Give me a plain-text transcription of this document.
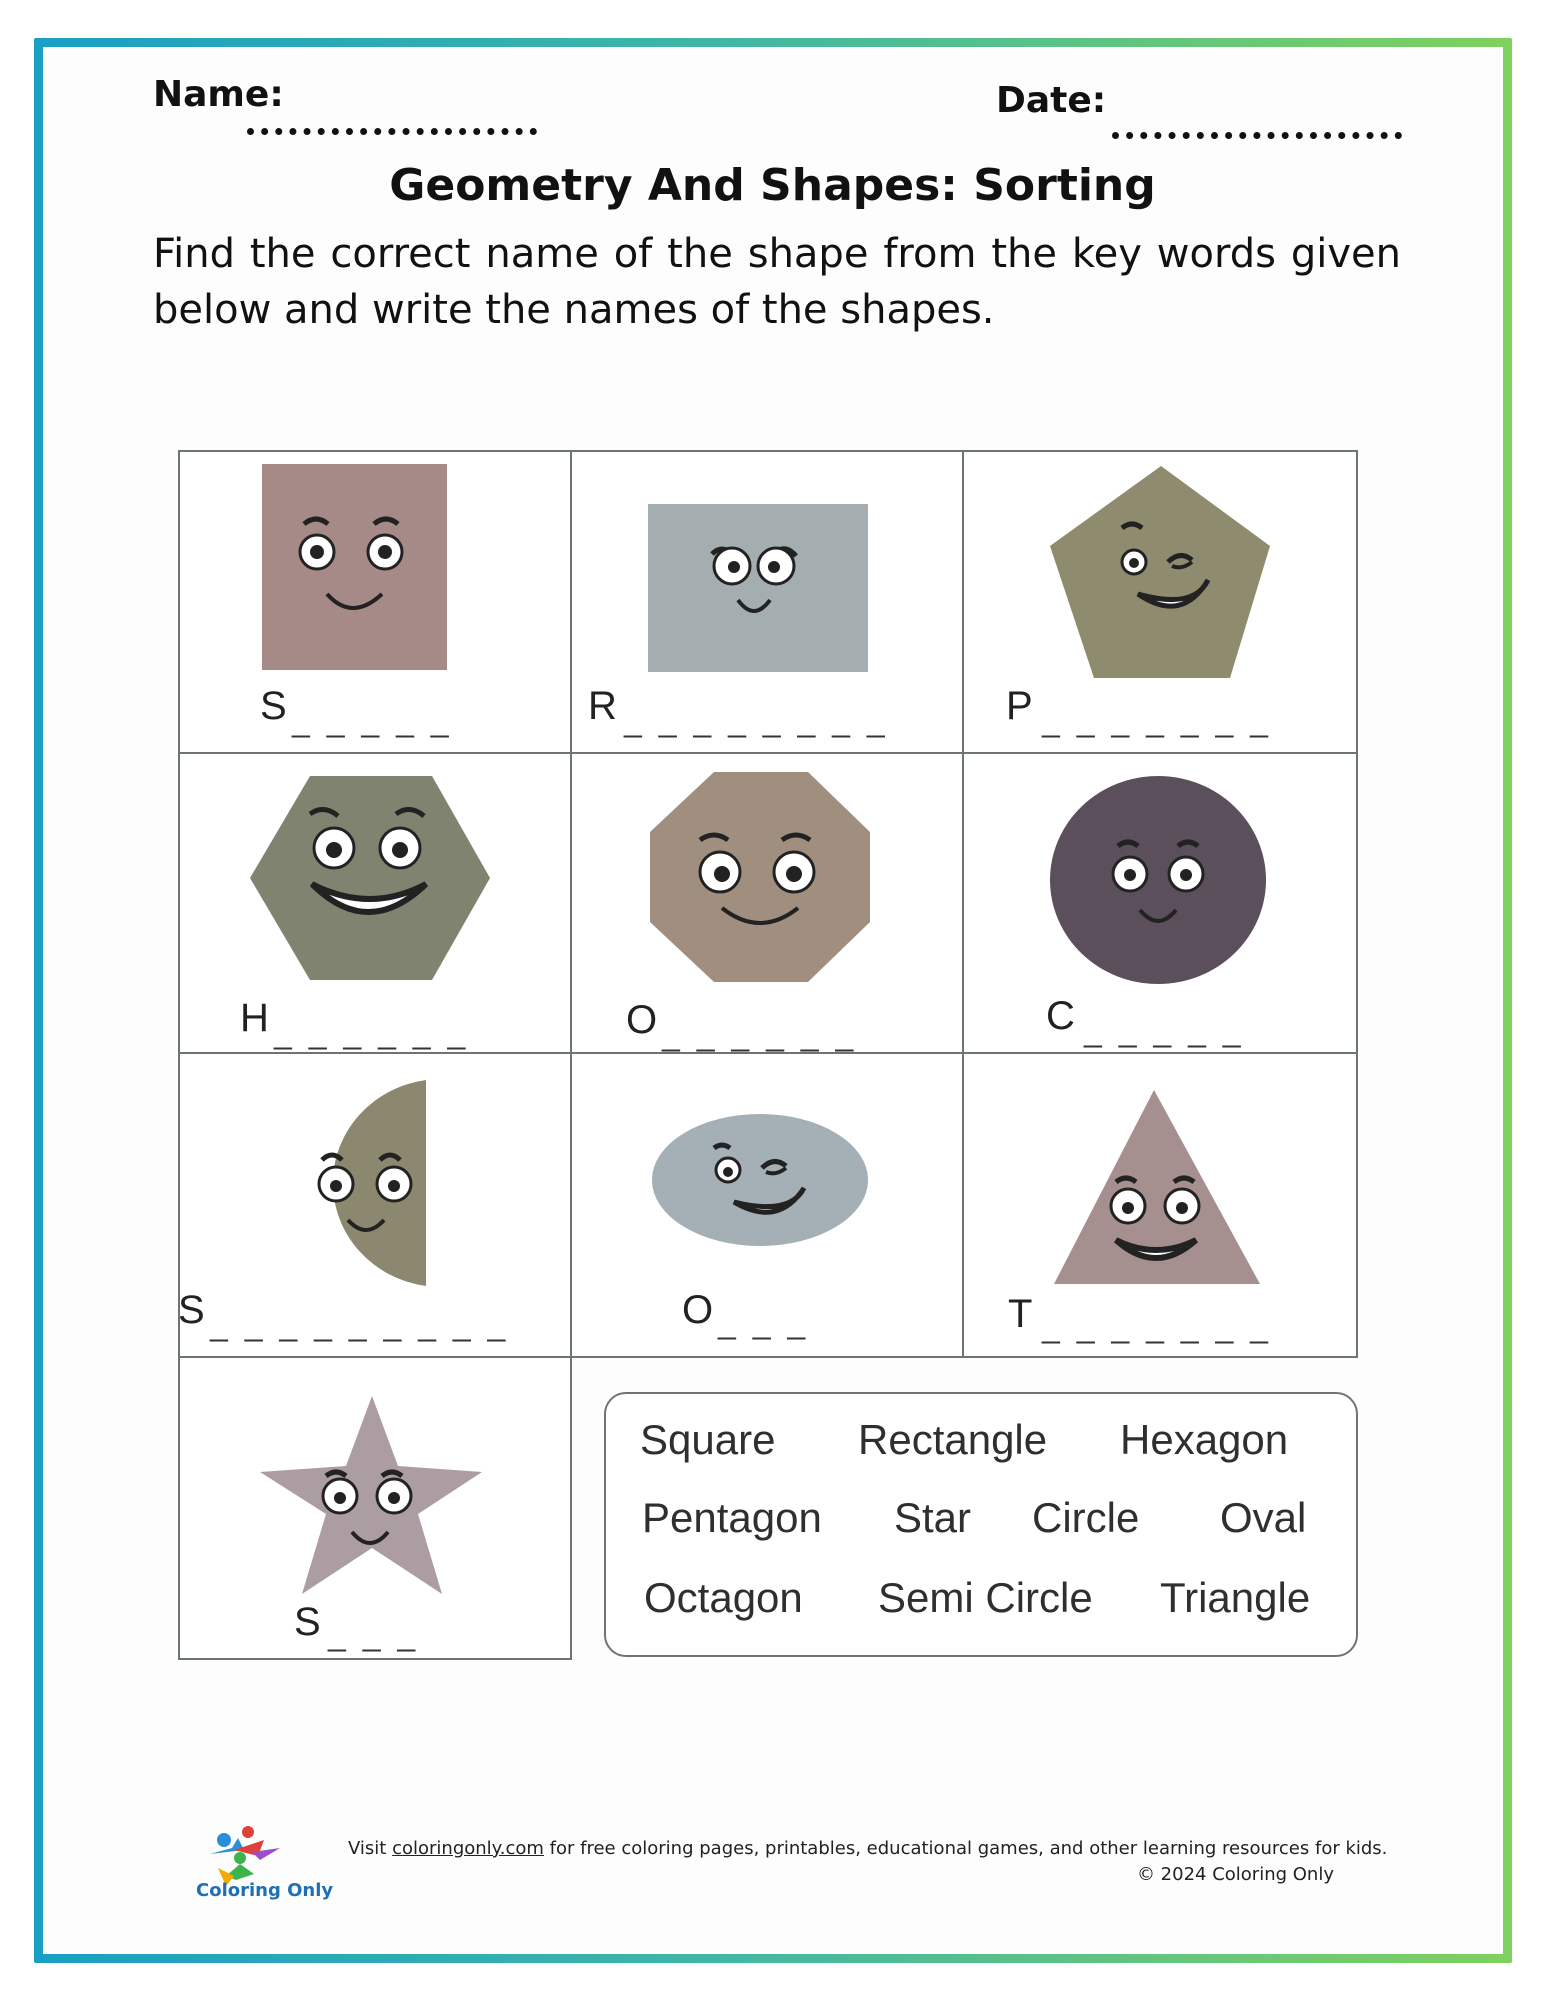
Name:	Date:
Geometry And Shapes: Sorting
Find the correct name of the shape from the key words given below and write the names of the shapes.
S _ _ _ _ _	R _ _ _ _ _ _ _ _	P _ _ _ _ _ _ _
H _ _ _ _ _ _	O _ _ _ _ _ _	C _ _ _ _ _
S _ _ _ _ _ _ _ _ _	O _ _ _	T _ _ _ _ _ _ _
S _ _ _
Square Rectangle Hexagon
Pentagon Star Circle Oval
Octagon Semi Circle Triangle
Coloring Only
Visit coloringonly.com for free coloring pages, printables, educational games, and other learning resources for kids.
© 2024 Coloring Only
